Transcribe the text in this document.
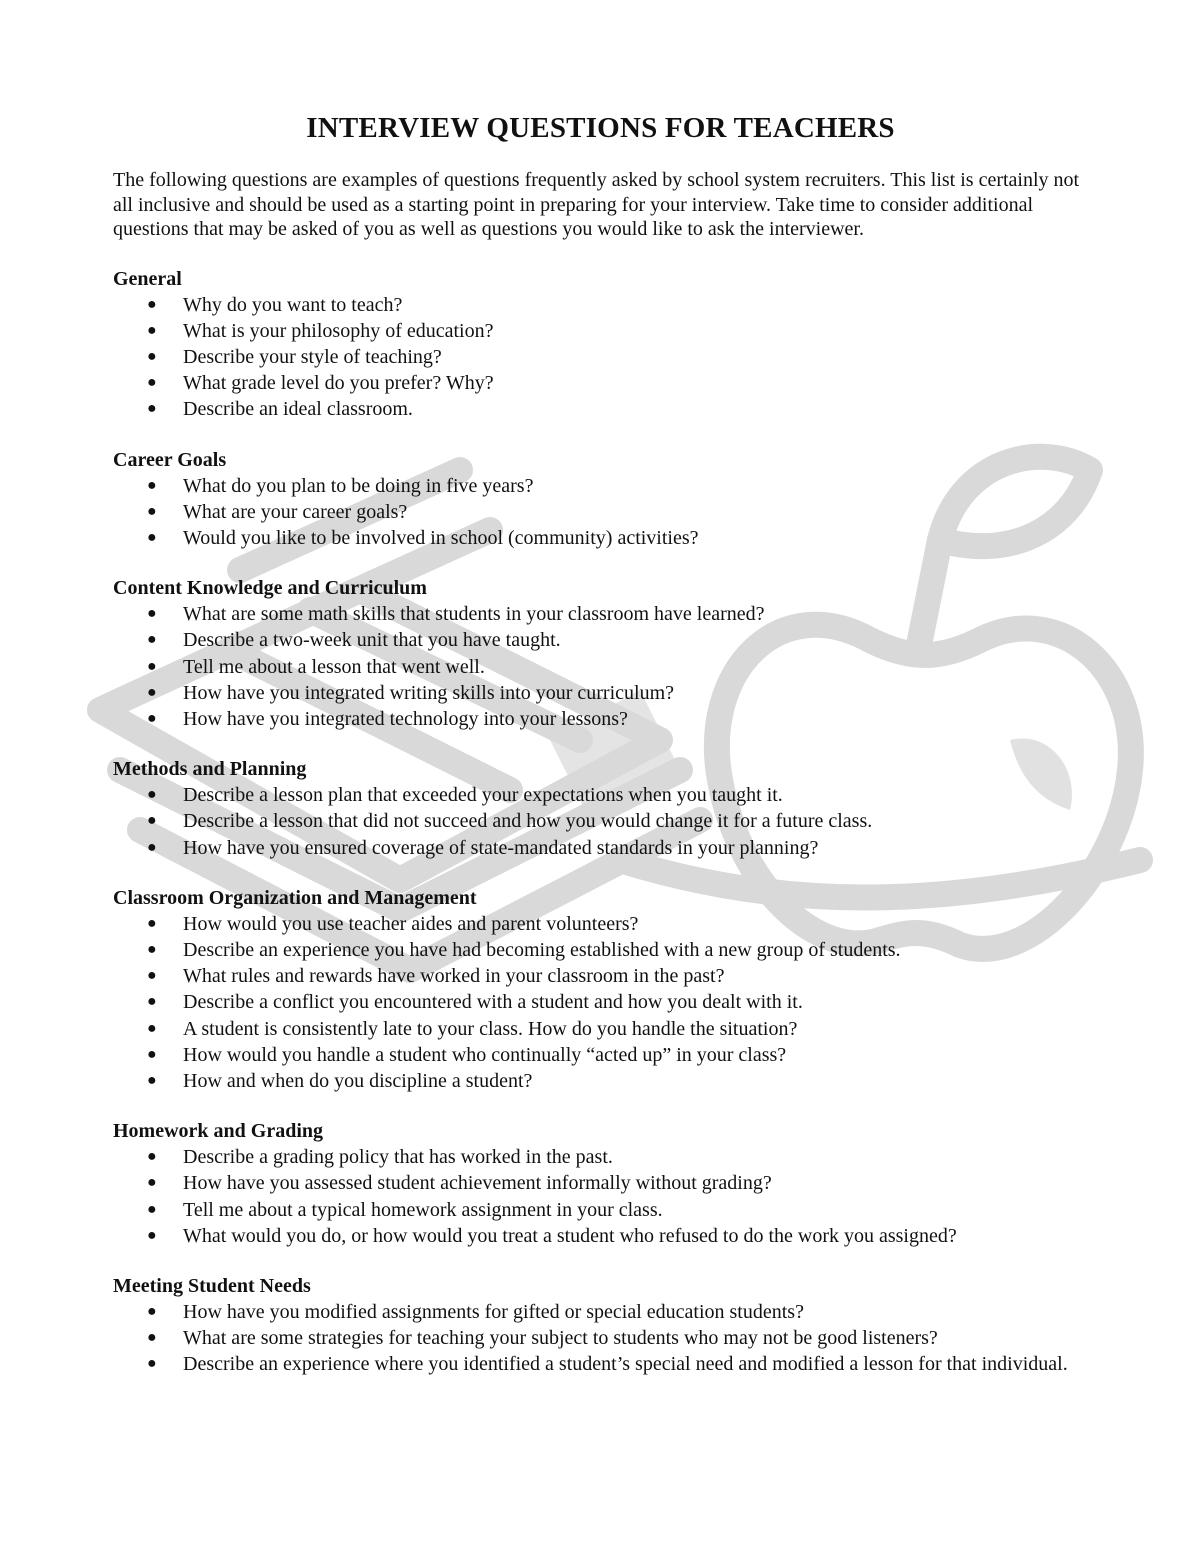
INTERVIEW QUESTIONS FOR TEACHERS

The following questions are examples of questions frequently asked by school system recruiters. This list is certainly not all inclusive and should be used as a starting point in preparing for your interview. Take time to consider additional questions that may be asked of you as well as questions you would like to ask the interviewer.

General
● Why do you want to teach?
● What is your philosophy of education?
● Describe your style of teaching?
● What grade level do you prefer? Why?
● Describe an ideal classroom.
Career Goals
● What do you plan to be doing in five years?
● What are your career goals?
● Would you like to be involved in school (community) activities?
Content Knowledge and Curriculum
● What are some math skills that students in your classroom have learned?
● Describe a two-week unit that you have taught.
● Tell me about a lesson that went well.
● How have you integrated writing skills into your curriculum?
● How have you integrated technology into your lessons?
Methods and Planning
● Describe a lesson plan that exceeded your expectations when you taught it.
● Describe a lesson that did not succeed and how you would change it for a future class.
● How have you ensured coverage of state-mandated standards in your planning?
Classroom Organization and Management
● How would you use teacher aides and parent volunteers?
● Describe an experience you have had becoming established with a new group of students.
● What rules and rewards have worked in your classroom in the past?
● Describe a conflict you encountered with a student and how you dealt with it.
● A student is consistently late to your class. How do you handle the situation?
● How would you handle a student who continually “acted up” in your class?
● How and when do you discipline a student?
Homework and Grading
● Describe a grading policy that has worked in the past.
● How have you assessed student achievement informally without grading?
● Tell me about a typical homework assignment in your class.
● What would you do, or how would you treat a student who refused to do the work you assigned?
Meeting Student Needs
● How have you modified assignments for gifted or special education students?
● What are some strategies for teaching your subject to students who may not be good listeners?
● Describe an experience where you identified a student’s special need and modified a lesson for that individual.
